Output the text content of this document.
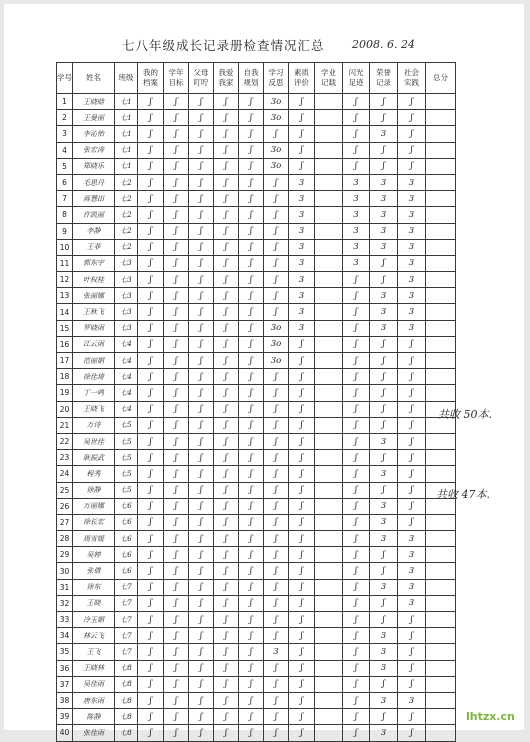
七八年级成长记录册检查情况汇总 2008. 6. 24
学号	姓名	班级	我的档案	学年目标	父母叮咛	我爱我家	自我规划	学习反思	素质评价	学业记载	闪光足迹	荣誉记录	社会实践	总分
1	王晓晗	七1	ʃ	ʃ	ʃ	ʃ	ʃ	3o	ʃ		ʃ	ʃ	ʃ	
2	王曼丽	七1	ʃ	ʃ	ʃ	ʃ	ʃ	3o	ʃ		ʃ	ʃ	ʃ	
3	李沁怡	七1	ʃ	ʃ	ʃ	ʃ	ʃ	ʃ	ʃ		ʃ	3	ʃ	
4	张宏涛	七1	ʃ	ʃ	ʃ	ʃ	ʃ	3o	ʃ		ʃ	ʃ	ʃ	
5	郑晓乐	七1	ʃ	ʃ	ʃ	ʃ	ʃ	3o	ʃ		ʃ	ʃ	ʃ	
6	毛思丹	七2	ʃ	ʃ	ʃ	ʃ	ʃ	ʃ	3		3	3	3	
7	蒋慧田	七2	ʃ	ʃ	ʃ	ʃ	ʃ	ʃ	3		3	3	3	
8	许凯丽	七2	ʃ	ʃ	ʃ	ʃ	ʃ	ʃ	3		3	3	3	
9	李静	七2	ʃ	ʃ	ʃ	ʃ	ʃ	ʃ	3		3	3	3	
10	王菲	七2	ʃ	ʃ	ʃ	ʃ	ʃ	ʃ	3		3	3	3	
11	郭东宇	七3	ʃ	ʃ	ʃ	ʃ	ʃ	ʃ	3		3	ʃ	3	
12	叶权桂	七3	ʃ	ʃ	ʃ	ʃ	ʃ	ʃ	3		ʃ	ʃ	3	
13	张丽娜	七3	ʃ	ʃ	ʃ	ʃ	ʃ	ʃ	3		ʃ	3	3	
14	王秋飞	七3	ʃ	ʃ	ʃ	ʃ	ʃ	ʃ	3		ʃ	3	3	
15	罗晓雨	七3	ʃ	ʃ	ʃ	ʃ	ʃ	3o	3		ʃ	3	3	
16	江云雨	七4	ʃ	ʃ	ʃ	ʃ	ʃ	3o	ʃ		ʃ	ʃ	ʃ	
17	范丽娟	七4	ʃ	ʃ	ʃ	ʃ	ʃ	3o	ʃ		ʃ	ʃ	ʃ	
18	徐佳琦	七4	ʃ	ʃ	ʃ	ʃ	ʃ	ʃ	ʃ		ʃ	ʃ	ʃ	
19	丁一鸣	七4	ʃ	ʃ	ʃ	ʃ	ʃ	ʃ	ʃ		ʃ	ʃ	ʃ	
20	王晓飞	七4	ʃ	ʃ	ʃ	ʃ	ʃ	ʃ	ʃ		ʃ	ʃ	ʃ	
21	万诗	七5	ʃ	ʃ	ʃ	ʃ	ʃ	ʃ	ʃ		ʃ	ʃ	ʃ	
22	吴世佳	七5	ʃ	ʃ	ʃ	ʃ	ʃ	ʃ	ʃ		ʃ	3	ʃ	
23	耿振武	七5	ʃ	ʃ	ʃ	ʃ	ʃ	ʃ	ʃ		ʃ	ʃ	ʃ	
24	程秀	七5	ʃ	ʃ	ʃ	ʃ	ʃ	ʃ	ʃ		ʃ	3	ʃ	
25	徐静	七5	ʃ	ʃ	ʃ	ʃ	ʃ	ʃ	ʃ		ʃ	ʃ	ʃ	
26	万丽娜	七6	ʃ	ʃ	ʃ	ʃ	ʃ	ʃ	ʃ		ʃ	3	ʃ	
27	徐长宏	七6	ʃ	ʃ	ʃ	ʃ	ʃ	ʃ	ʃ		ʃ	3	ʃ	
28	周雪媛	七6	ʃ	ʃ	ʃ	ʃ	ʃ	ʃ	ʃ		ʃ	3	3	
29	吴婷	七6	ʃ	ʃ	ʃ	ʃ	ʃ	ʃ	ʃ		ʃ	ʃ	3	
30	张倩	七6	ʃ	ʃ	ʃ	ʃ	ʃ	ʃ	ʃ		ʃ	ʃ	3	
31	徐东	七7	ʃ	ʃ	ʃ	ʃ	ʃ	ʃ	ʃ		ʃ	3	3	
32	王晓	七7	ʃ	ʃ	ʃ	ʃ	ʃ	ʃ	ʃ		ʃ	ʃ	3	
33	冷玉娟	七7	ʃ	ʃ	ʃ	ʃ	ʃ	ʃ	ʃ		ʃ	ʃ	ʃ	
34	林云飞	七7	ʃ	ʃ	ʃ	ʃ	ʃ	ʃ	ʃ		ʃ	3	ʃ	
35	王飞	七7	ʃ	ʃ	ʃ	ʃ	ʃ	3	ʃ		ʃ	3	ʃ	
36	王晓林	七8	ʃ	ʃ	ʃ	ʃ	ʃ	ʃ	ʃ		ʃ	3	ʃ	
37	吴佳雨	七8	ʃ	ʃ	ʃ	ʃ	ʃ	ʃ	ʃ		ʃ	ʃ	ʃ	
38	唐东雨	七8	ʃ	ʃ	ʃ	ʃ	ʃ	ʃ	ʃ		ʃ	3	3	
39	陈静	七8	ʃ	ʃ	ʃ	ʃ	ʃ	ʃ	ʃ		ʃ	ʃ	ʃ	
40	张佳雨	七8	ʃ	ʃ	ʃ	ʃ	ʃ	ʃ	ʃ		ʃ	3	ʃ	
共收 50本.
共收 47本.
lhtzx.cn
